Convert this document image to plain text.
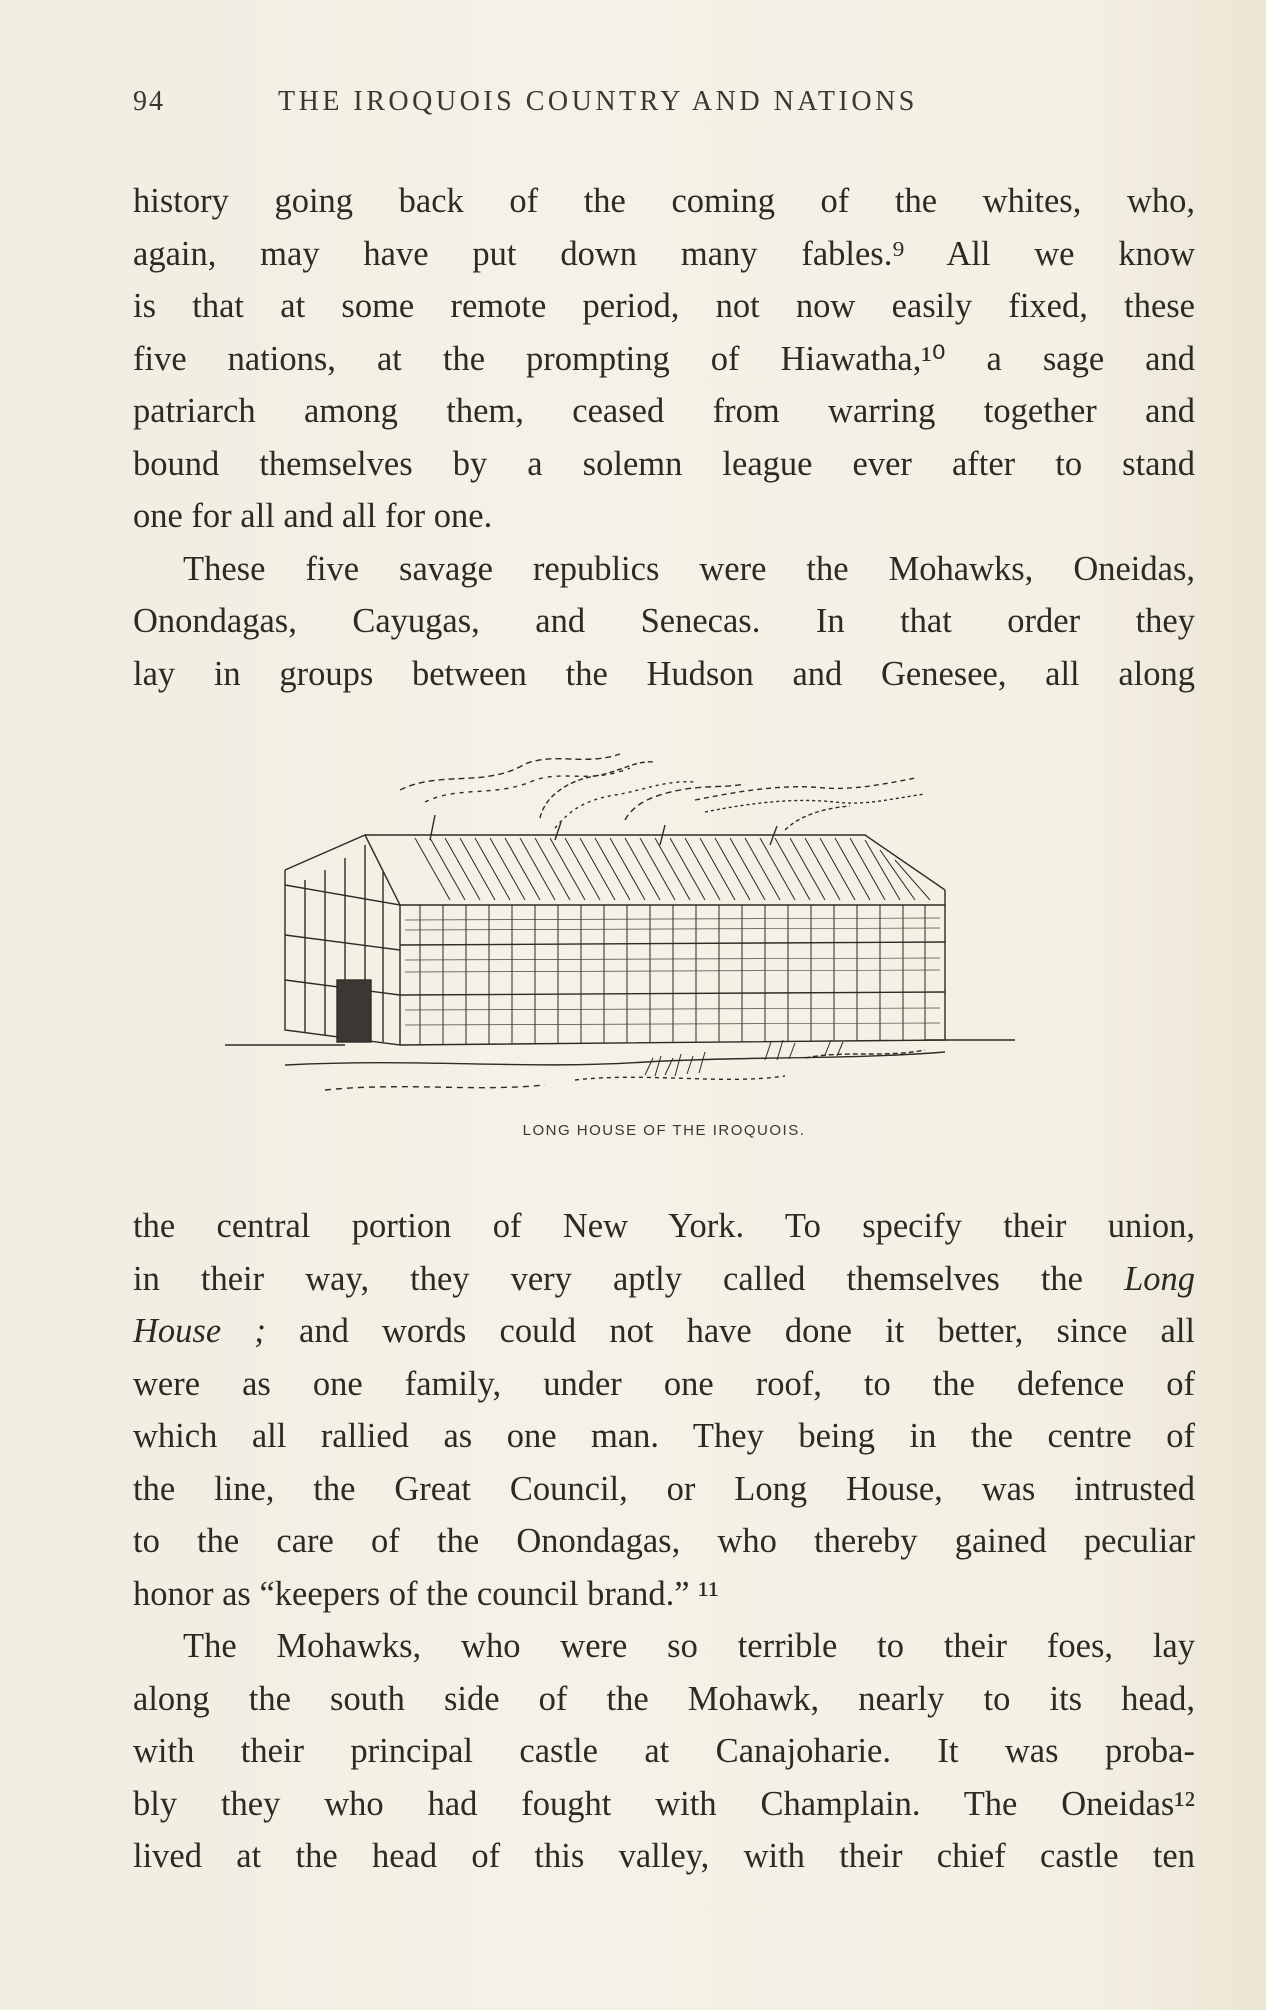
94	THE IROQUOIS COUNTRY AND NATIONS

history going back of the coming of the whites, who,

again, may have put down many fables.⁹ All we know

is that at some remote period, not now easily fixed, these

five nations, at the prompting of Hiawatha,¹⁰ a sage and

patriarch among them, ceased from warring together and

bound themselves by a solemn league ever after to stand

one for all and all for one.

These five savage republics were the Mohawks, Oneidas,

Onondagas, Cayugas, and Senecas. In that order they

lay in groups between the Hudson and Genesee, all along

LONG HOUSE OF THE IROQUOIS.

the central portion of New York. To specify their union,

in their way, they very aptly called themselves the Long

House ; and words could not have done it better, since all

were as one family, under one roof, to the defence of

which all rallied as one man. They being in the centre of

the line, the Great Council, or Long House, was intrusted

to the care of the Onondagas, who thereby gained peculiar

honor as “keepers of the council brand.” ¹¹

The Mohawks, who were so terrible to their foes, lay

along the south side of the Mohawk, nearly to its head,

with their principal castle at Canajoharie. It was proba-

bly they who had fought with Champlain. The Oneidas¹²

lived at the head of this valley, with their chief castle ten
